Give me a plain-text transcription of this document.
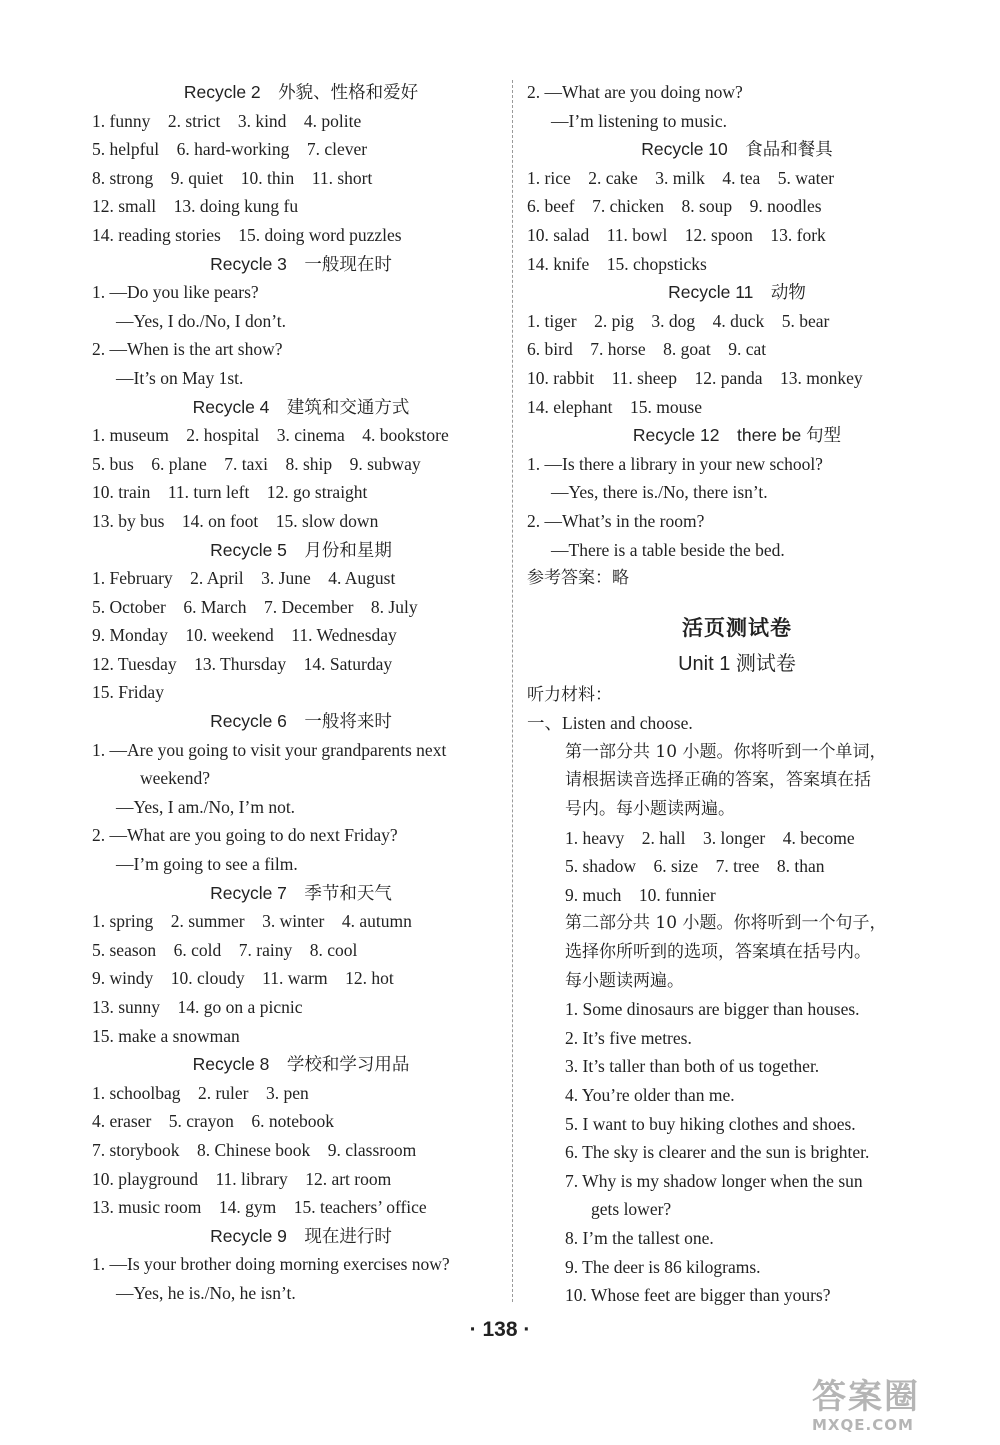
Recycle 2　外貌、性格和爱好
1. funny　2. strict　3. kind　4. polite
5. helpful　6. hard-working　7. clever
8. strong　9. quiet　10. thin　11. short
12. small　13. doing kung fu
14. reading stories　15. doing word puzzles
Recycle 3　一般现在时
1. —Do you like pears?
—Yes, I do./No, I don’t.
2. —When is the art show?
—It’s on May 1st.
Recycle 4　建筑和交通方式
1. museum　2. hospital　3. cinema　4. bookstore
5. bus　6. plane　7. taxi　8. ship　9. subway
10. train　11. turn left　12. go straight
13. by bus　14. on foot　15. slow down
Recycle 5　月份和星期
1. February　2. April　3. June　4. August
5. October　6. March　7. December　8. July
9. Monday　10. weekend　11. Wednesday
12. Tuesday　13. Thursday　14. Saturday
15. Friday
Recycle 6　一般将来时
1. —Are you going to visit your grandparents next
weekend?
—Yes, I am./No, I’m not.
2. —What are you going to do next Friday?
—I’m going to see a film.
Recycle 7　季节和天气
1. spring　2. summer　3. winter　4. autumn
5. season　6. cold　7. rainy　8. cool
9. windy　10. cloudy　11. warm　12. hot
13. sunny　14. go on a picnic
15. make a snowman
Recycle 8　学校和学习用品
1. schoolbag　2. ruler　3. pen
4. eraser　5. crayon　6. notebook
7. storybook　8. Chinese book　9. classroom
10. playground　11. library　12. art room
13. music room　14. gym　15. teachers’ office
Recycle 9　现在进行时
1. —Is your brother doing morning exercises now?
—Yes, he is./No, he isn’t.
2. —What are you doing now?
—I’m listening to music.
Recycle 10　食品和餐具
1. rice　2. cake　3. milk　4. tea　5. water
6. beef　7. chicken　8. soup　9. noodles
10. salad　11. bowl　12. spoon　13. fork
14. knife　15. chopsticks
Recycle 11　动物
1. tiger　2. pig　3. dog　4. duck　5. bear
6. bird　7. horse　8. goat　9. cat
10. rabbit　11. sheep　12. panda　13. monkey
14. elephant　15. mouse
Recycle 12　there be 句型
1. —Is there a library in your new school?
—Yes, there is./No, there isn’t.
2. —What’s in the room?
—There is a table beside the bed.
参考答案：略
活页测试卷
Unit 1 测试卷
听力材料：
一、Listen and choose.
第一部分共 10 小题。你将听到一个单词，
请根据读音选择正确的答案，答案填在括
号内。每小题读两遍。
1. heavy　2. hall　3. longer　4. become
5. shadow　6. size　7. tree　8. than
9. much　10. funnier
第二部分共 10 小题。你将听到一个句子，
选择你所听到的选项，答案填在括号内。
每小题读两遍。
1. Some dinosaurs are bigger than houses.
2. It’s five metres.
3. It’s taller than both of us together.
4. You’re older than me.
5. I want to buy hiking clothes and shoes.
6. The sky is clearer and the sun is brighter.
7. Why is my shadow longer when the sun
gets lower?
8. I’m the tallest one.
9. The deer is 86 kilograms.
10. Whose feet are bigger than yours?
· 138 ·
答案圈
MXQE.COM
